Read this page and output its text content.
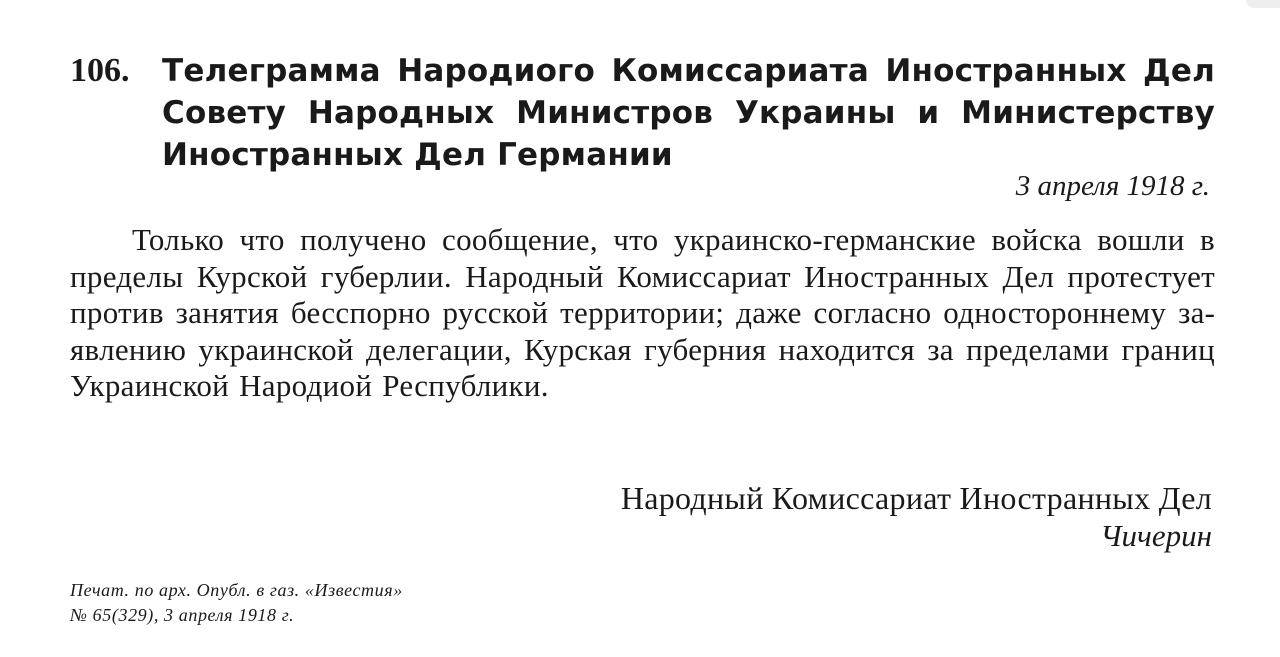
106.	Телеграмма Народиого Комиссариата Иностранных Дел Совету Народных Министров Украины и Министерству Иностранных Дел Германии
3 апреля 1918 г.

Только что получено сообщение, что украинско-германские войска вошли в пределы Курской губерлии. Народный Комиссариат Иностранных Дел протестует против занятия бесспорно русской территории; даже согласно одностороннему заявлению украинской делегации, Курская губерния находится за пределами границ Украинской Народиой Республики.

Народный Комиссариат Иностранных Дел
Чичерин
Печат. по арх. Опубл. в газ. «Известия»
№ 65(329), 3 апреля 1918 г.
